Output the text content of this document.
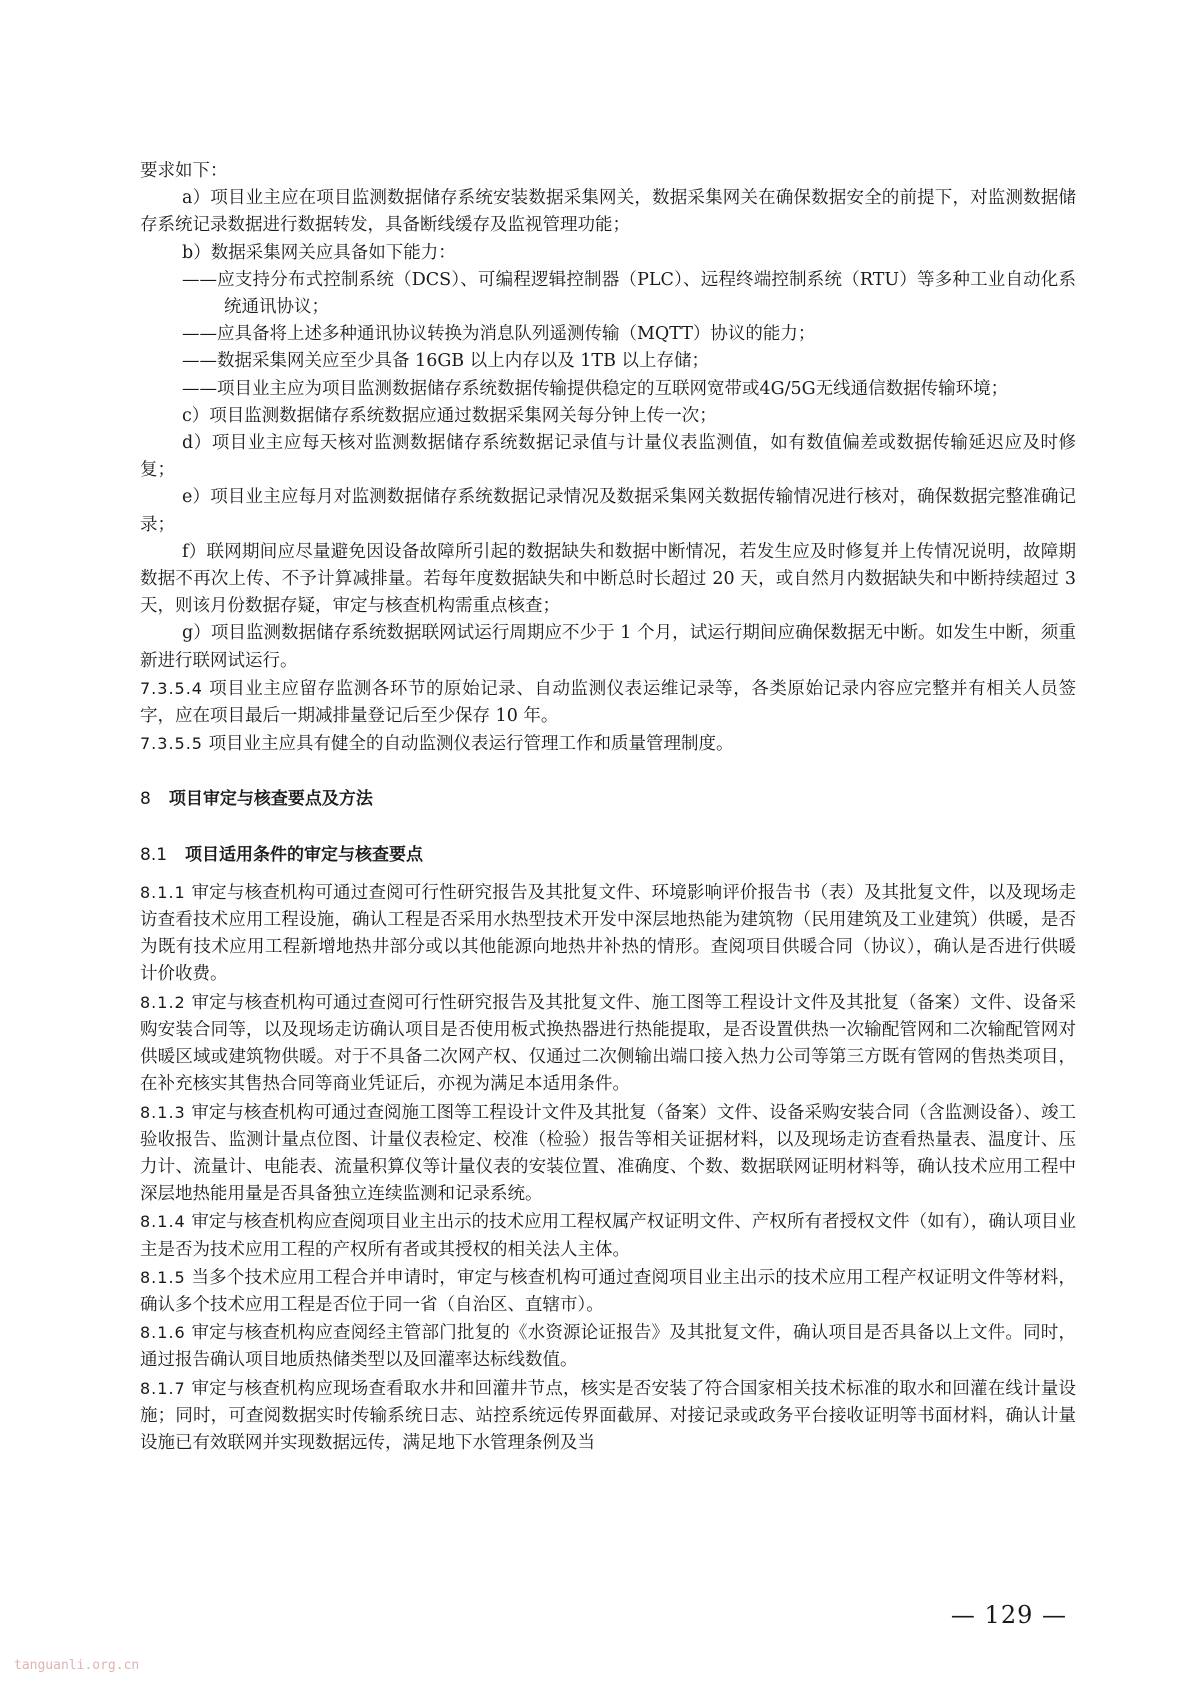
要求如下：

a）项目业主应在项目监测数据储存系统安装数据采集网关，数据采集网关在确保数据安全的前提下，对监测数据储存系统记录数据进行数据转发，具备断线缓存及监视管理功能；

b）数据采集网关应具备如下能力：

——应支持分布式控制系统（DCS）、可编程逻辑控制器（PLC）、远程终端控制系统（RTU）等多种工业自动化系统通讯协议；

——应具备将上述多种通讯协议转换为消息队列遥测传输（MQTT）协议的能力；

——数据采集网关应至少具备 16GB 以上内存以及 1TB 以上存储；

——项目业主应为项目监测数据储存系统数据传输提供稳定的互联网宽带或4G/5G无线通信数据传输环境；

c）项目监测数据储存系统数据应通过数据采集网关每分钟上传一次；

d）项目业主应每天核对监测数据储存系统数据记录值与计量仪表监测值，如有数值偏差或数据传输延迟应及时修复；

e）项目业主应每月对监测数据储存系统数据记录情况及数据采集网关数据传输情况进行核对，确保数据完整准确记录；

f）联网期间应尽量避免因设备故障所引起的数据缺失和数据中断情况，若发生应及时修复并上传情况说明，故障期数据不再次上传、不予计算减排量。若每年度数据缺失和中断总时长超过 20 天，或自然月内数据缺失和中断持续超过 3 天，则该月份数据存疑，审定与核查机构需重点核查；

g）项目监测数据储存系统数据联网试运行周期应不少于 1 个月，试运行期间应确保数据无中断。如发生中断，须重新进行联网试运行。

7.3.5.4 项目业主应留存监测各环节的原始记录、自动监测仪表运维记录等，各类原始记录内容应完整并有相关人员签字，应在项目最后一期减排量登记后至少保存 10 年。

7.3.5.5 项目业主应具有健全的自动监测仪表运行管理工作和质量管理制度。

8 项目审定与核查要点及方法

8.1 项目适用条件的审定与核查要点

8.1.1 审定与核查机构可通过查阅可行性研究报告及其批复文件、环境影响评价报告书（表）及其批复文件，以及现场走访查看技术应用工程设施，确认工程是否采用水热型技术开发中深层地热能为建筑物（民用建筑及工业建筑）供暖，是否为既有技术应用工程新增地热井部分或以其他能源向地热井补热的情形。查阅项目供暖合同（协议），确认是否进行供暖计价收费。

8.1.2 审定与核查机构可通过查阅可行性研究报告及其批复文件、施工图等工程设计文件及其批复（备案）文件、设备采购安装合同等，以及现场走访确认项目是否使用板式换热器进行热能提取，是否设置供热一次输配管网和二次输配管网对供暖区域或建筑物供暖。对于不具备二次网产权、仅通过二次侧输出端口接入热力公司等第三方既有管网的售热类项目，在补充核实其售热合同等商业凭证后，亦视为满足本适用条件。

8.1.3 审定与核查机构可通过查阅施工图等工程设计文件及其批复（备案）文件、设备采购安装合同（含监测设备）、竣工验收报告、监测计量点位图、计量仪表检定、校准（检验）报告等相关证据材料，以及现场走访查看热量表、温度计、压力计、流量计、电能表、流量积算仪等计量仪表的安装位置、准确度、个数、数据联网证明材料等，确认技术应用工程中深层地热能用量是否具备独立连续监测和记录系统。

8.1.4 审定与核查机构应查阅项目业主出示的技术应用工程权属产权证明文件、产权所有者授权文件（如有），确认项目业主是否为技术应用工程的产权所有者或其授权的相关法人主体。

8.1.5 当多个技术应用工程合并申请时，审定与核查机构可通过查阅项目业主出示的技术应用工程产权证明文件等材料，确认多个技术应用工程是否位于同一省（自治区、直辖市）。

8.1.6 审定与核查机构应查阅经主管部门批复的《水资源论证报告》及其批复文件，确认项目是否具备以上文件。同时，通过报告确认项目地质热储类型以及回灌率达标线数值。

8.1.7 审定与核查机构应现场查看取水井和回灌井节点，核实是否安装了符合国家相关技术标准的取水和回灌在线计量设施；同时，可查阅数据实时传输系统日志、站控系统远传界面截屏、对接记录或政务平台接收证明等书面材料，确认计量设施已有效联网并实现数据远传，满足地下水管理条例及当

— 129 —
tanguanli.org.cn
